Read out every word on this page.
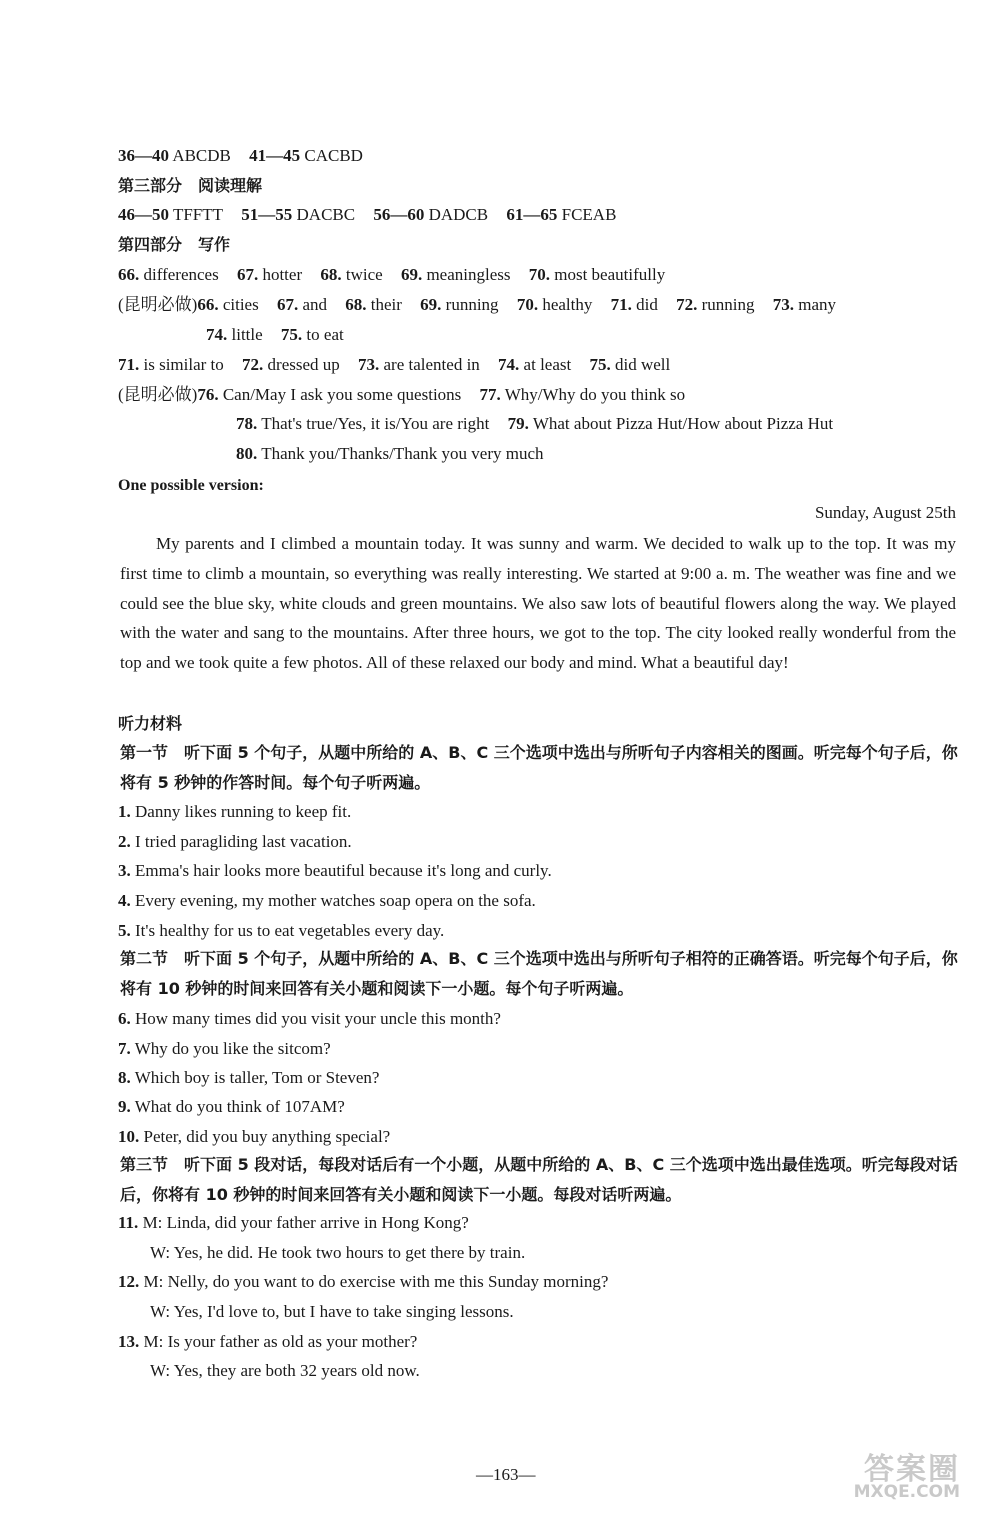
36—40 ABCDB 41—45 CACBD
第三部分　阅读理解
46—50 TFFTT 51—55 DACBC 56—60 DADCB 61—65 FCEAB
第四部分　写作
66. differences 67. hotter 68. twice 69. meaningless 70. most beautifully
(昆明必做)66. cities 67. and 68. their 69. running 70. healthy 71. did 72. running 73. many
74. little 75. to eat
71. is similar to 72. dressed up 73. are talented in 74. at least 75. did well
(昆明必做)76. Can/May I ask you some questions 77. Why/Why do you think so
78. That's true/Yes, it is/You are right 79. What about Pizza Hut/How about Pizza Hut
80. Thank you/Thanks/Thank you very much
One possible version:
Sunday, August 25th

My parents and I climbed a mountain today. It was sunny and warm. We decided to walk up to the top. It was my first time to climb a mountain, so everything was really interesting. We started at 9:00 a. m. The weather was fine and we could see the blue sky, white clouds and green mountains. We also saw lots of beautiful flowers along the way. We played with the water and sang to the mountains. After three hours, we got to the top. The city looked really wonderful from the top and we took quite a few photos. All of these relaxed our body and mind. What a beautiful day!

听力材料

第一节 听下面 5 个句子，从题中所给的 A、B、C 三个选项中选出与所听句子内容相关的图画。听完每个句子后，你将有 5 秒钟的作答时间。每个句子听两遍。

1. Danny likes running to keep fit.
2. I tried paragliding last vacation.
3. Emma's hair looks more beautiful because it's long and curly.
4. Every evening, my mother watches soap opera on the sofa.
5. It's healthy for us to eat vegetables every day.

第二节 听下面 5 个句子，从题中所给的 A、B、C 三个选项中选出与所听句子相符的正确答语。听完每个句子后，你将有 10 秒钟的时间来回答有关小题和阅读下一小题。每个句子听两遍。

6. How many times did you visit your uncle this month?
7. Why do you like the sitcom?
8. Which boy is taller, Tom or Steven?
9. What do you think of 107AM?
10. Peter, did you buy anything special?

第三节 听下面 5 段对话，每段对话后有一个小题，从题中所给的 A、B、C 三个选项中选出最佳选项。听完每段对话后，你将有 10 秒钟的时间来回答有关小题和阅读下一小题。每段对话听两遍。

11. M: Linda, did your father arrive in Hong Kong?
W: Yes, he did. He took two hours to get there by train.
12. M: Nelly, do you want to do exercise with me this Sunday morning?
W: Yes, I'd love to, but I have to take singing lessons.
13. M: Is your father as old as your mother?
W: Yes, they are both 32 years old now.
—163—	答案圈
MXQE.COM
